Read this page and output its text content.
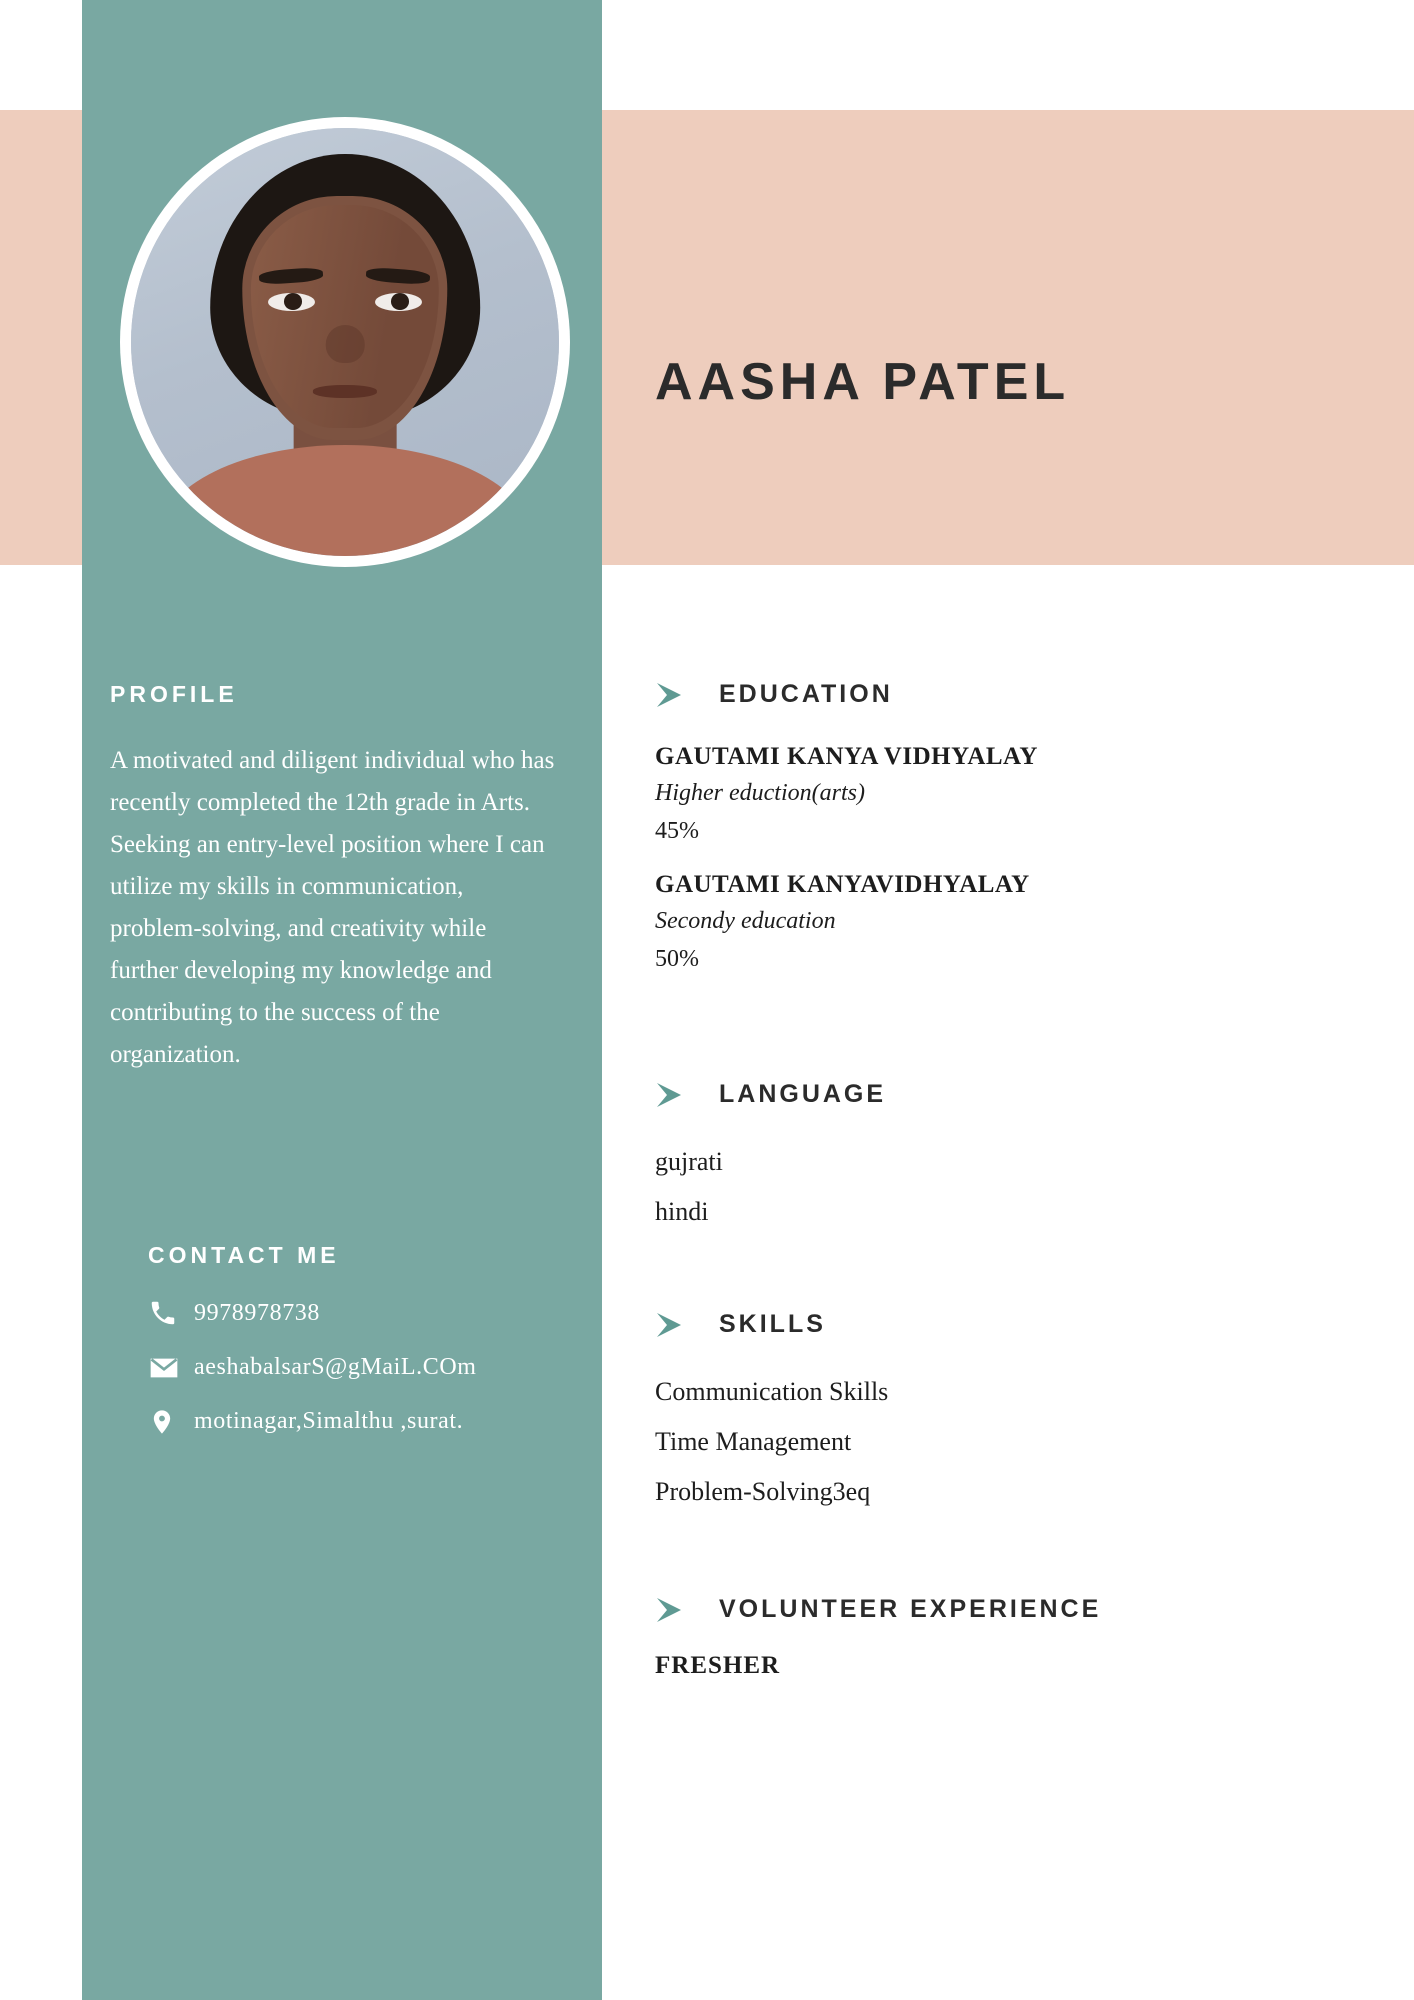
AASHA PATEL
PROFILE
A motivated and diligent individual who has recently completed the 12th grade in Arts. Seeking an entry-level position where I can utilize my skills in communication, problem-solving, and creativity while further developing my knowledge and contributing to the success of the organization.
CONTACT ME
9978978738
aeshabalsarS@gMaiL.COm
motinagar,Simalthu ,surat.
EDUCATION
GAUTAMI KANYA VIDHYALAY
Higher eduction(arts)
45%
GAUTAMI KANYAVIDHYALAY
Secondy education
50%
LANGUAGE
gujrati
hindi
SKILLS
Communication Skills
Time Management
Problem-Solving3eq
VOLUNTEER EXPERIENCE
FRESHER
